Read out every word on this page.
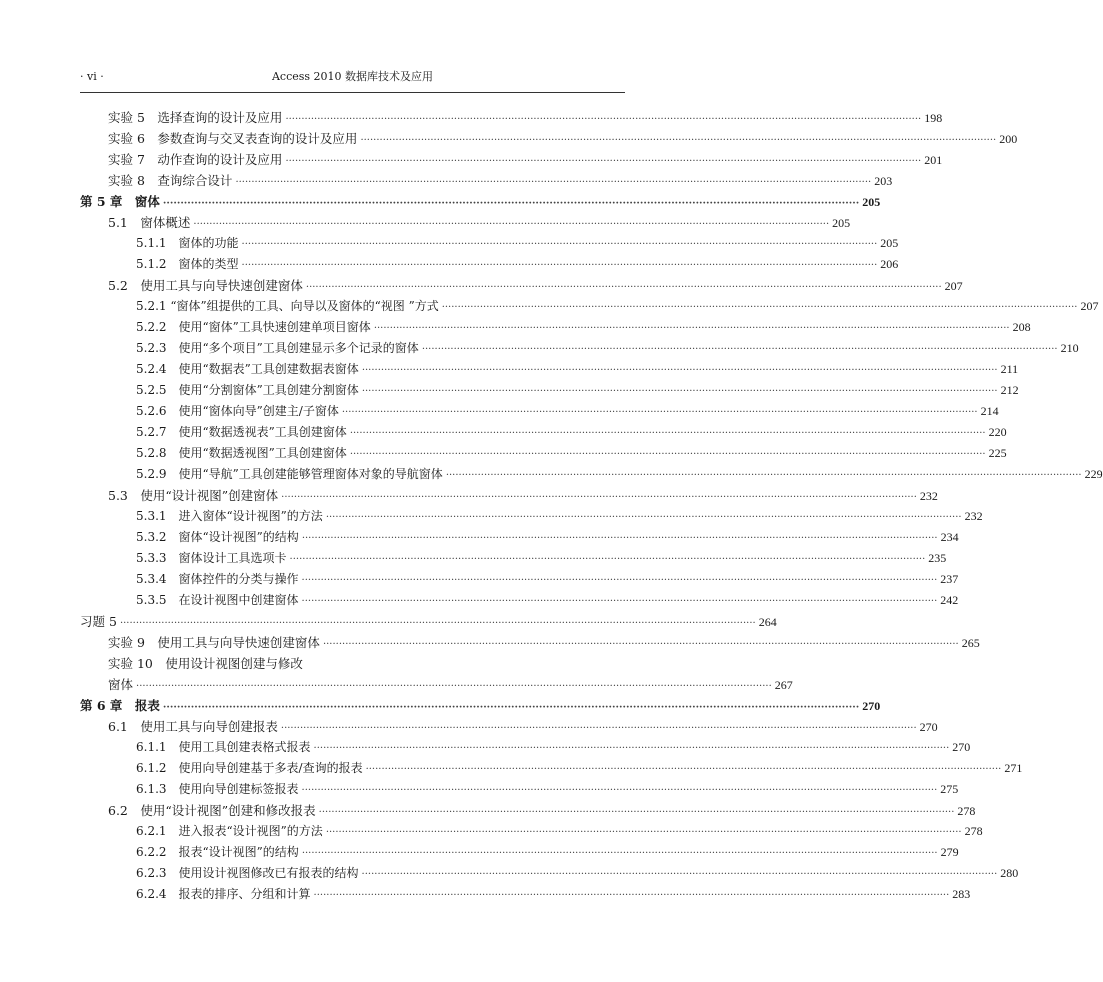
· vi ·	Access 2010 数据库技术及应用
实验 5　选择查询的设计及应用 ········································································································································································································ 198
实验 6　参数查询与交叉表查询的设计及应用 ········································································································································································································ 200
实验 7　动作查询的设计及应用 ········································································································································································································ 201
实验 8　查询综合设计 ········································································································································································································ 203
第 5 章　窗体 ········································································································································································································ 205
5.1　窗体概述 ········································································································································································································ 205
5.1.1　窗体的功能 ········································································································································································································ 205
5.1.2　窗体的类型 ········································································································································································································ 206
5.2　使用工具与向导快速创建窗体 ········································································································································································································ 207
5.2.1 “窗体”组提供的工具、向导以及窗体的“视图 ”方式 ········································································································································································································ 207
5.2.2　使用“窗体”工具快速创建单项目窗体 ········································································································································································································ 208
5.2.3　使用“多个项目”工具创建显示多个记录的窗体 ········································································································································································································ 210
5.2.4　使用“数据表”工具创建数据表窗体 ········································································································································································································ 211
5.2.5　使用“分割窗体”工具创建分割窗体 ········································································································································································································ 212
5.2.6　使用“窗体向导”创建主/子窗体 ········································································································································································································ 214
5.2.7　使用“数据透视表”工具创建窗体 ········································································································································································································ 220
5.2.8　使用“数据透视图”工具创建窗体 ········································································································································································································ 225
5.2.9　使用“导航”工具创建能够管理窗体对象的导航窗体 ········································································································································································································ 229
5.3　使用“设计视图”创建窗体 ········································································································································································································ 232
5.3.1　进入窗体“设计视图”的方法 ········································································································································································································ 232
5.3.2　窗体“设计视图”的结构 ········································································································································································································ 234
5.3.3　窗体设计工具选项卡 ········································································································································································································ 235
5.3.4　窗体控件的分类与操作 ········································································································································································································ 237
5.3.5　在设计视图中创建窗体 ········································································································································································································ 242
习题 5 ········································································································································································································ 264
实验 9　使用工具与向导快速创建窗体 ········································································································································································································ 265
实验 10　使用设计视图创建与修改
窗体 ········································································································································································································ 267
第 6 章　报表 ········································································································································································································ 270
6.1　使用工具与向导创建报表 ········································································································································································································ 270
6.1.1　使用工具创建表格式报表 ········································································································································································································ 270
6.1.2　使用向导创建基于多表/查询的报表 ········································································································································································································ 271
6.1.3　使用向导创建标签报表 ········································································································································································································ 275
6.2　使用“设计视图”创建和修改报表 ········································································································································································································ 278
6.2.1　进入报表“设计视图”的方法 ········································································································································································································ 278
6.2.2　报表“设计视图”的结构 ········································································································································································································ 279
6.2.3　使用设计视图修改已有报表的结构 ········································································································································································································ 280
6.2.4　报表的排序、分组和计算 ········································································································································································································ 283
